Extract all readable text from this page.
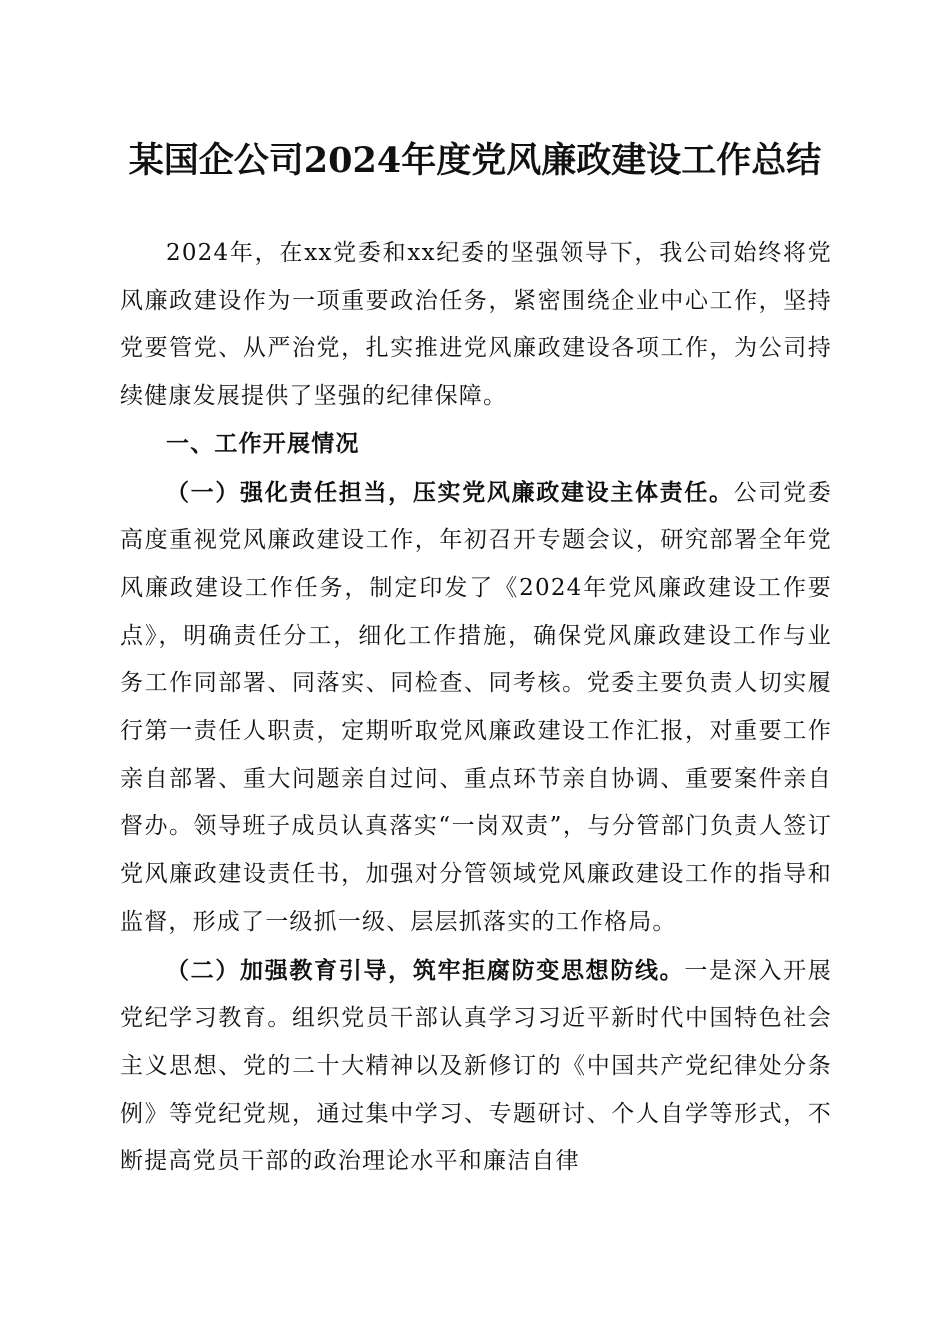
某国企公司2024年度党风廉政建设工作总结

2024年，在xx党委和xx纪委的坚强领导下，我公司始终将党风廉政建设作为一项重要政治任务，紧密围绕企业中心工作，坚持党要管党、从严治党，扎实推进党风廉政建设各项工作，为公司持续健康发展提供了坚强的纪律保障。

一、工作开展情况

（一）强化责任担当，压实党风廉政建设主体责任。公司党委高度重视党风廉政建设工作，年初召开专题会议，研究部署全年党风廉政建设工作任务，制定印发了《2024年党风廉政建设工作要点》，明确责任分工，细化工作措施，确保党风廉政建设工作与业务工作同部署、同落实、同检查、同考核。党委主要负责人切实履行第一责任人职责，定期听取党风廉政建设工作汇报，对重要工作亲自部署、重大问题亲自过问、重点环节亲自协调、重要案件亲自督办。领导班子成员认真落实“一岗双责”，与分管部门负责人签订党风廉政建设责任书，加强对分管领域党风廉政建设工作的指导和监督，形成了一级抓一级、层层抓落实的工作格局。

（二）加强教育引导，筑牢拒腐防变思想防线。一是深入开展党纪学习教育。组织党员干部认真学习习近平新时代中国特色社会主义思想、党的二十大精神以及新修订的《中国共产党纪律处分条例》等党纪党规，通过集中学习、专题研讨、个人自学等形式，不断提高党员干部的政治理论水平和廉洁自律
